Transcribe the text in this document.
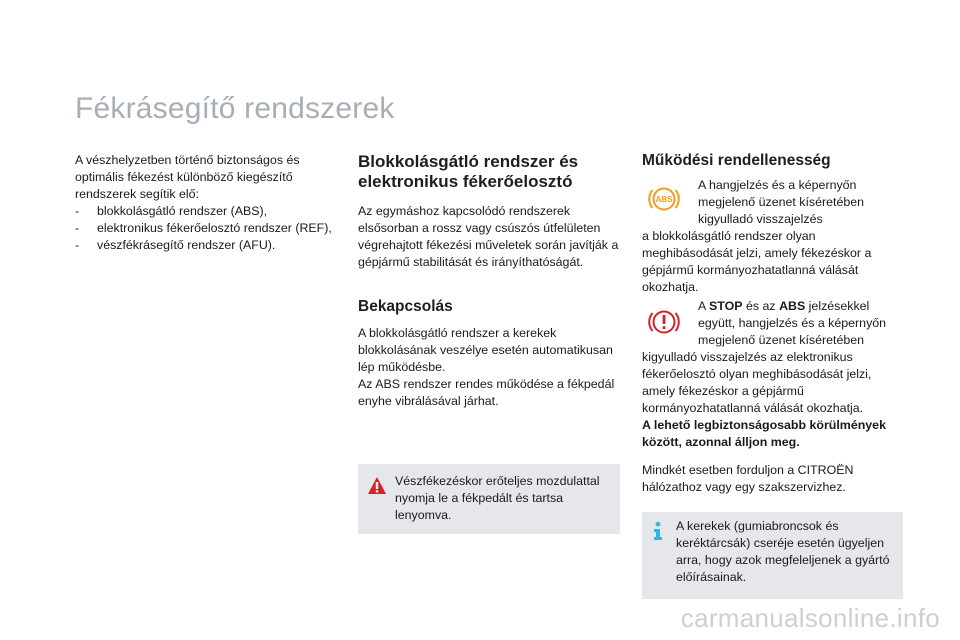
Fékrásegítő rendszerek

A vészhelyzetben történő biztonságos és optimális fékezést különböző kiegészítő rendszerek segítik elő:

- blokkolásgátló rendszer (ABS),
- elektronikus fékerőelosztó rendszer (REF),
- vészfékrásegítő rendszer (AFU).
Blokkolásgátló rendszer és
elektronikus fékerőelosztó

Az egymáshoz kapcsolódó rendszerek elsősorban a rossz vagy csúszós útfelületen végrehajtott fékezési műveletek során javítják a gépjármű stabilitását és irányíthatóságát.

Bekapcsolás

A blokkolásgátló rendszer a kerekek blokkolásának veszélye esetén automatikusan lép működésbe.

Az ABS rendszer rendes működése a fékpedál enyhe vibrálásával járhat.

Vészfékezéskor erőteljes mozdulattal nyomja le a fékpedált és tartsa lenyomva.

Működési rendellenesség
ABS

A hangjelzés és a képernyőn
megjelenő üzenet kíséretében
kigyulladó visszajelzés

a blokkolásgátló rendszer olyan meghibásodását jelzi, amely fékezéskor a gépjármű kormányozhatatlanná válását okozhatja.

A STOP és az ABS jelzésekkel
együtt, hangjelzés és a képernyőn
megjelenő üzenet kíséretében

kigyulladó visszajelzés az elektronikus fékerőelosztó olyan meghibásodását jelzi, amely fékezéskor a gépjármű kormányozhatatlanná válását okozhatja.

A lehető legbiztonságosabb körülmények között, azonnal álljon meg.

Mindkét esetben forduljon a CITROËN hálózathoz vagy egy szakszervizhez.

A kerekek (gumiabroncsok és keréktárcsák) cseréje esetén ügyeljen arra, hogy azok megfeleljenek a gyártó előírásainak.

carmanualsonline.info
